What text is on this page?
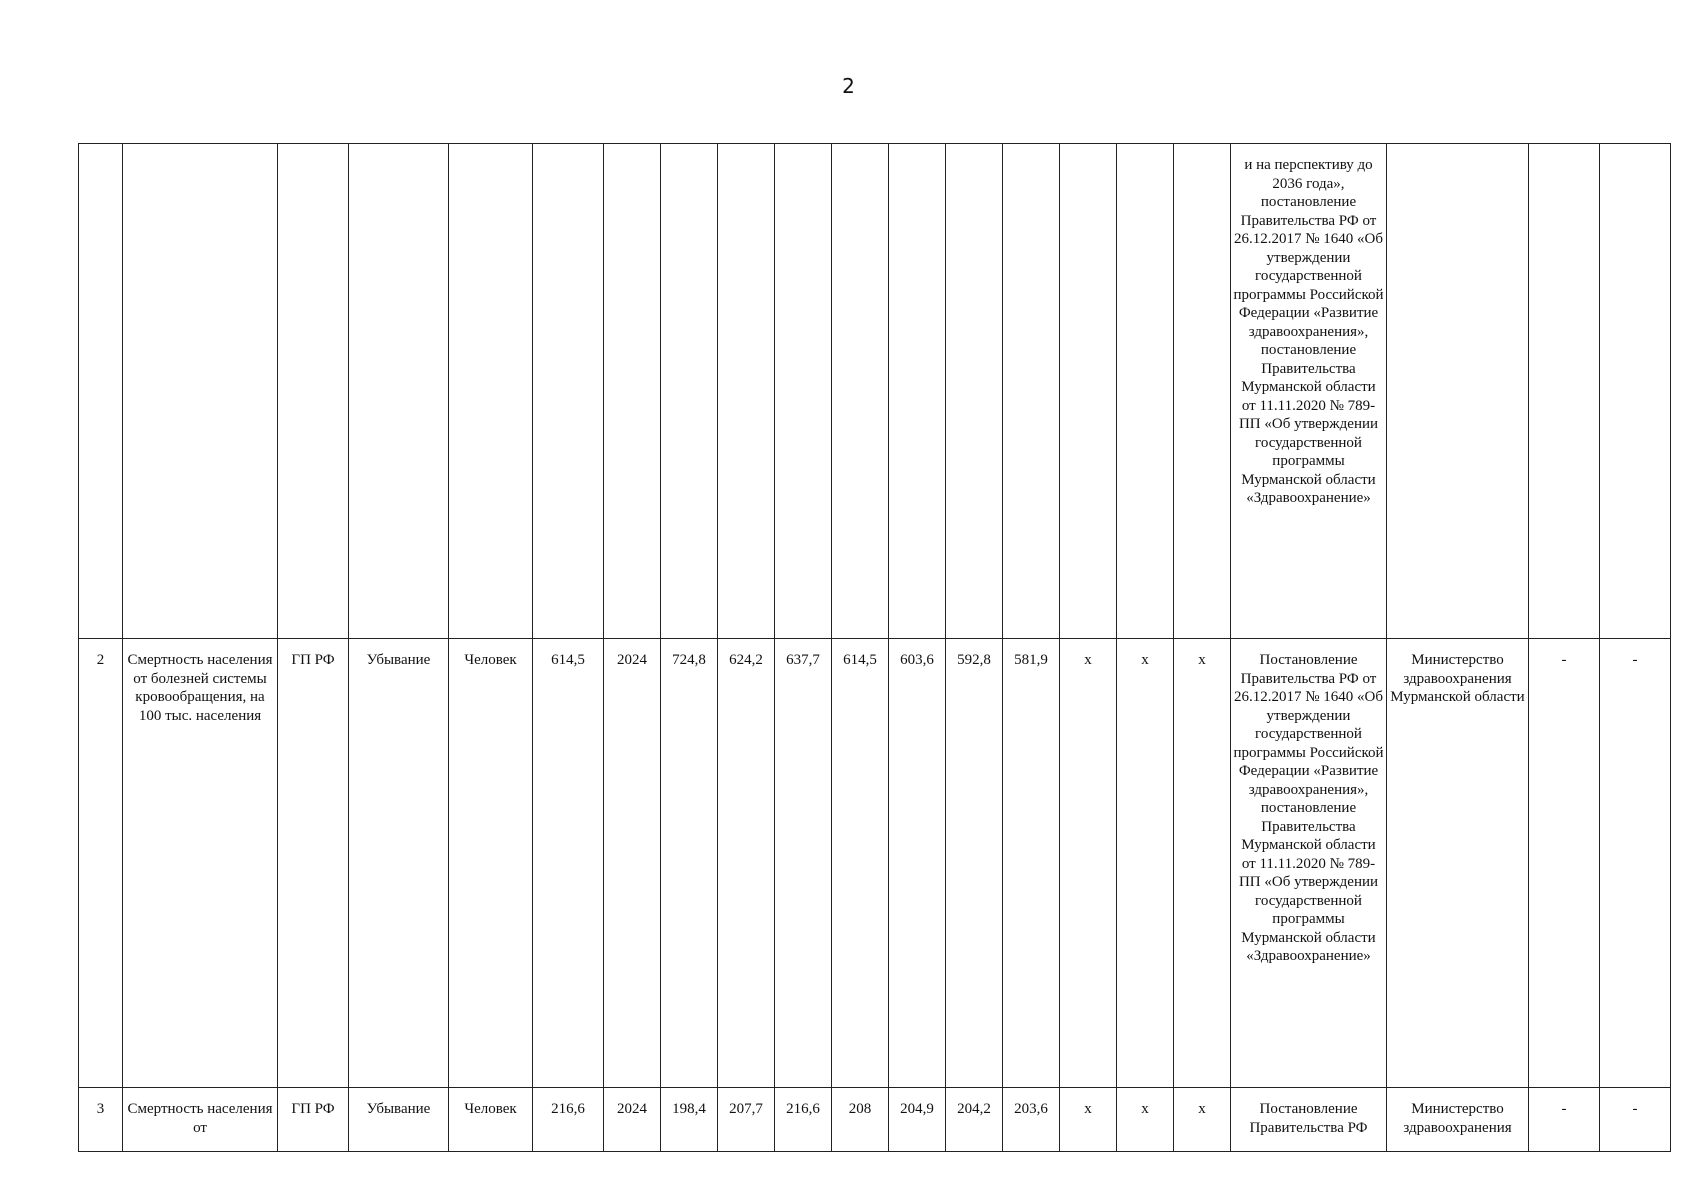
2
																	и на перспективу до 2036 года», постановление Правительства РФ от 26.12.2017 № 1640 «Об утверждении государственной программы Российской Федерации «Развитие здравоохранения», постановление Правительства Мурманской области от 11.11.2020 № 789-ПП «Об утверждении государственной программы Мурманской области «Здравоохранение»			
2	Смертность населения от болезней системы кровообращения, на 100 тыс. населения	ГП РФ	Убывание	Человек	614,5	2024	724,8	624,2	637,7	614,5	603,6	592,8	581,9	х	х	х	Постановление Правительства РФ от 26.12.2017 № 1640 «Об утверждении государственной программы Российской Федерации «Развитие здравоохранения», постановление Правительства Мурманской области от 11.11.2020 № 789-ПП «Об утверждении государственной программы Мурманской области «Здравоохранение»	Министерство здравоохранения Мурманской области	-	-
3	Смертность населения от	ГП РФ	Убывание	Человек	216,6	2024	198,4	207,7	216,6	208	204,9	204,2	203,6	х	х	х	Постановление Правительства РФ	Министерство здравоохранения	-	-
